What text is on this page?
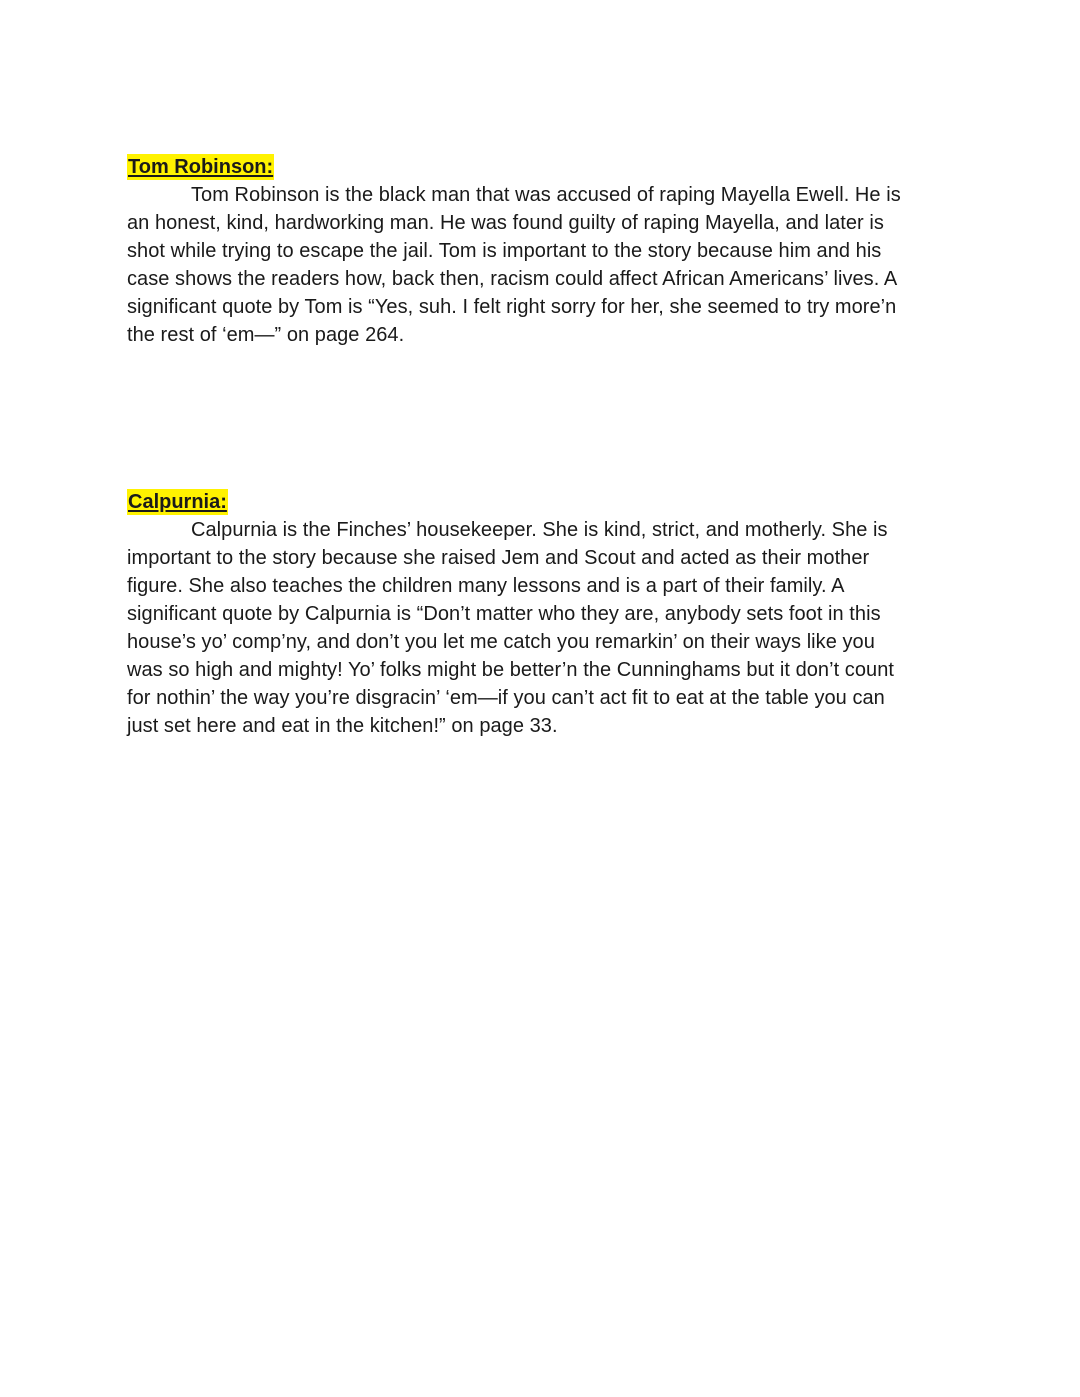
Tom Robinson:
Tom Robinson is the black man that was accused of raping Mayella Ewell. He is
an honest, kind, hardworking man. He was found guilty of raping Mayella, and later is
shot while trying to escape the jail. Tom is important to the story because him and his
case shows the readers how, back then, racism could affect African Americans’ lives. A
significant quote by Tom is “Yes, suh. I felt right sorry for her, she seemed to try more’n
the rest of ‘em—” on page 264.
Calpurnia:
Calpurnia is the Finches’ housekeeper. She is kind, strict, and motherly. She is
important to the story because she raised Jem and Scout and acted as their mother
figure. She also teaches the children many lessons and is a part of their family. A
significant quote by Calpurnia is “Don’t matter who they are, anybody sets foot in this
house’s yo’ comp’ny, and don’t you let me catch you remarkin’ on their ways like you
was so high and mighty! Yo’ folks might be better’n the Cunninghams but it don’t count
for nothin’ the way you’re disgracin’ ‘em—if you can’t act fit to eat at the table you can
just set here and eat in the kitchen!” on page 33.
